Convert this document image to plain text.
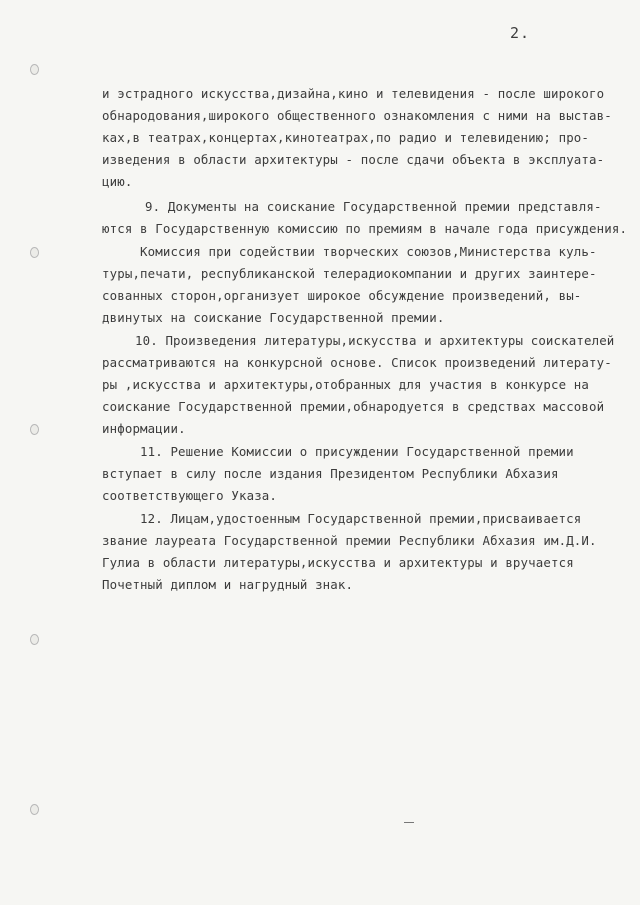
2.
и эстрадного искусства,дизайна,кино и телевидения - после широкого
обнародования,широкого общественного ознакомления с ними на выстав-
ках,в театрах,концертах,кинотеатрах,по радио и телевидению; про-
изведения в области архитектуры - после сдачи объекта в эксплуата-
цию.
9. Документы на соискание Государственной премии представля-
ются в Государственную комиссию по премиям в начале года присуждения.
Комиссия при содействии творческих союзов,Министерства куль-
туры,печати, республиканской телерадиокомпании и других заинтере-
сованных сторон,организует широкое обсуждение произведений, вы-
двинутых на соискание Государственной премии.
10. Произведения литературы,искусства и архитектуры соискателей
рассматриваются на конкурсной основе. Список произведений литерату-
ры ,искусства и архитектуры,отобранных для участия в конкурсе на
соискание Государственной премии,обнародуется в средствах массовой
информации.
11. Решение Комиссии о присуждении Государственной премии
вступает в силу после издания Президентом Республики Абхазия
соответствующего Указа.
12. Лицам,удостоенным Государственной премии,присваивается
звание лауреата Государственной премии Республики Абхазия им.Д.И.
Гулиа в области литературы,искусства и архитектуры и вручается
Почетный диплом и нагрудный знак.
